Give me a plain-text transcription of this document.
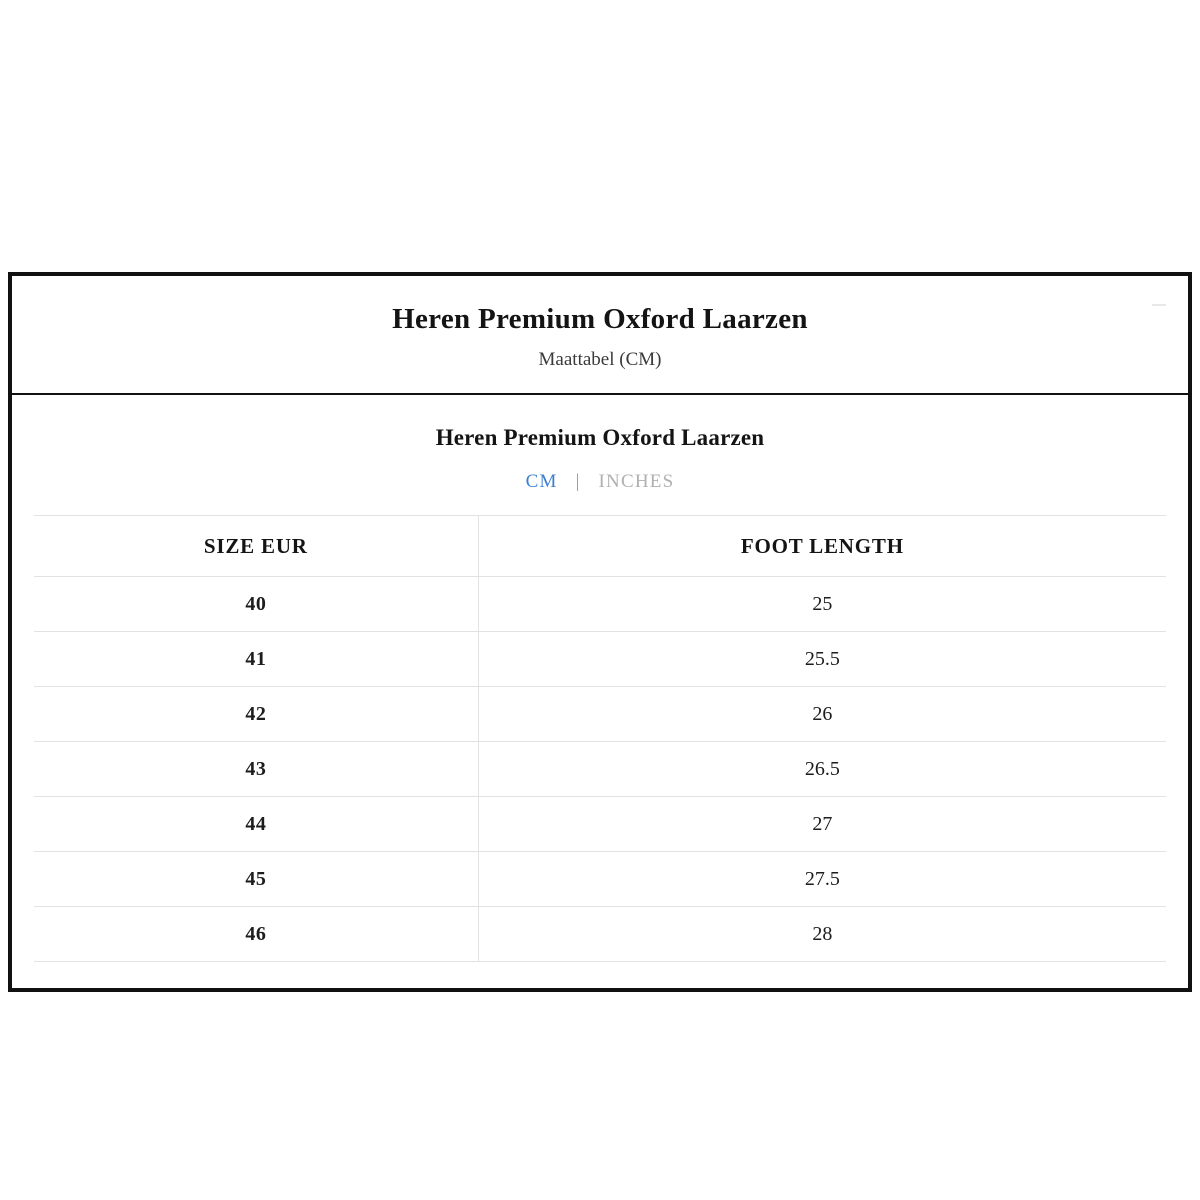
Heren Premium Oxford Laarzen
Maattabel (CM)
Heren Premium Oxford Laarzen
CM | INCHES
SIZE EUR	FOOT LENGTH
40	25
41	25.5
42	26
43	26.5
44	27
45	27.5
46	28
